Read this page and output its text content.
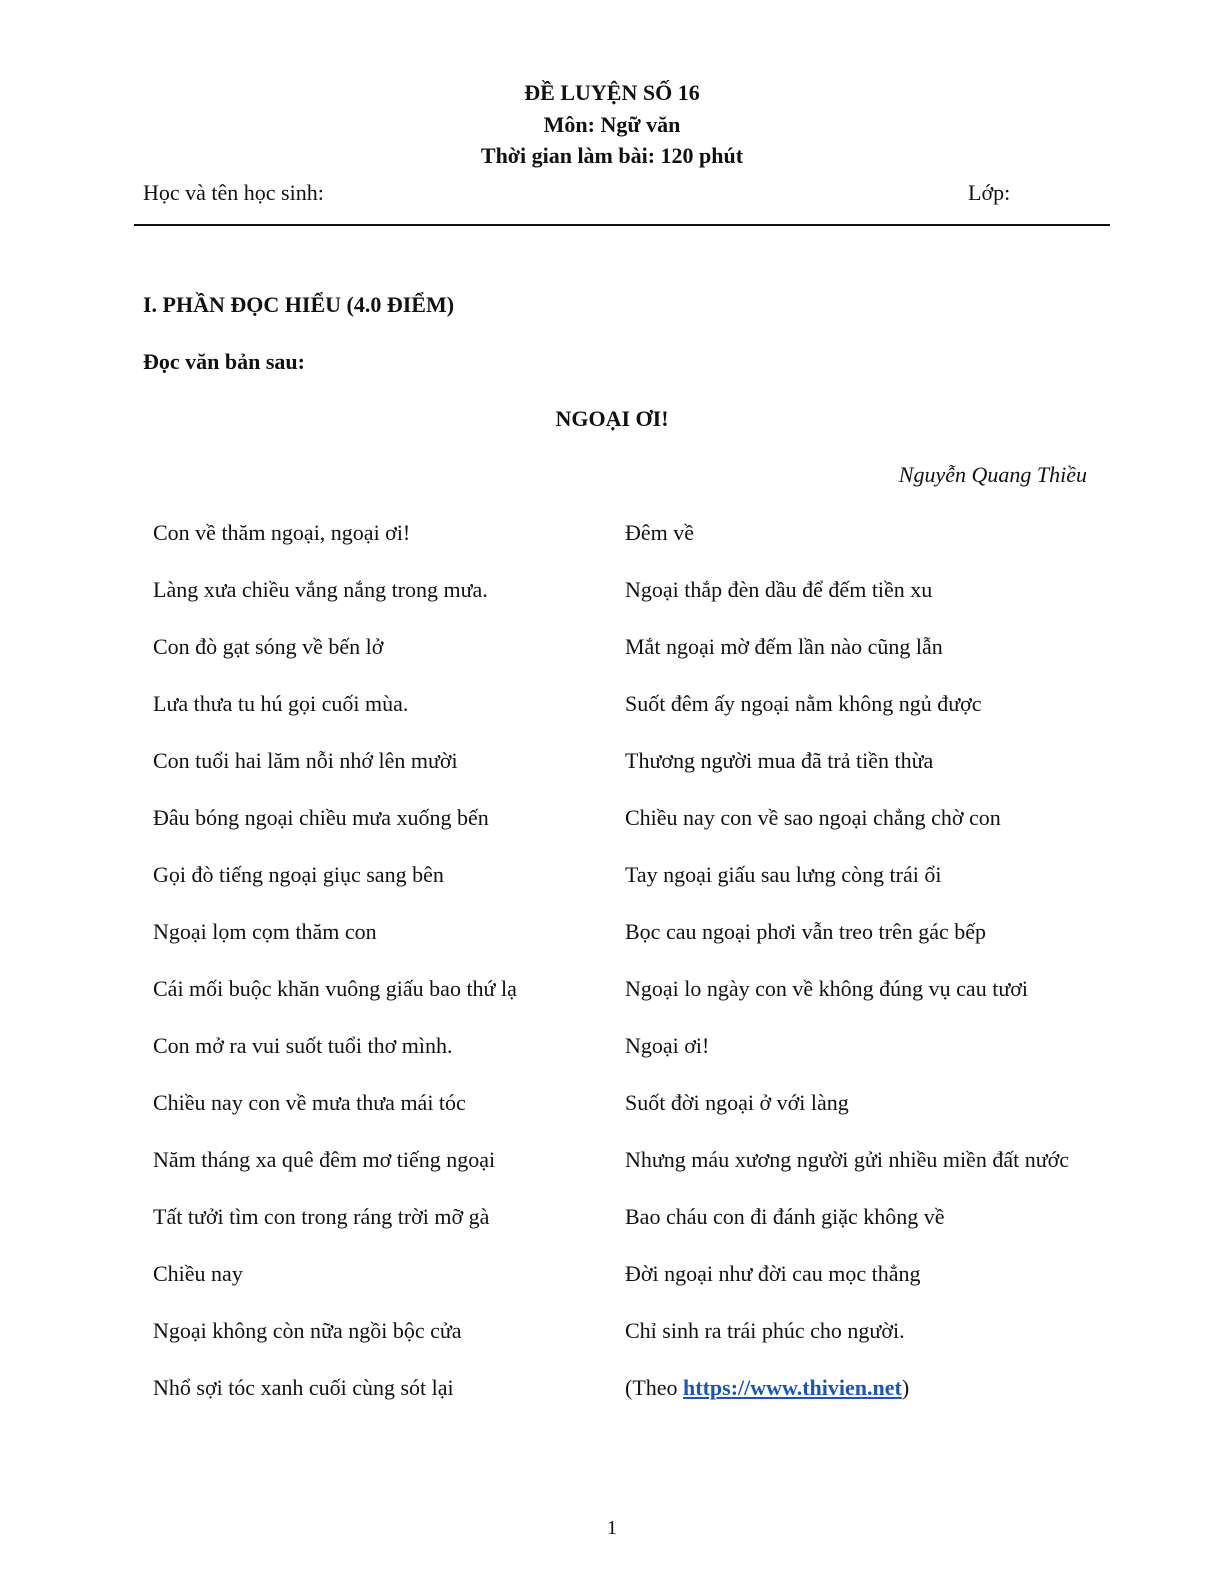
ĐỀ LUYỆN SỐ 16
Môn: Ngữ văn
Thời gian làm bài: 120 phút
Học và tên học sinh:	Lớp:
I. PHẦN ĐỌC HIỂU (4.0 ĐIỂM)
Đọc văn bản sau:
NGOẠI ƠI!
Nguyễn Quang Thiều

Con về thăm ngoại, ngoại ơi!

Làng xưa chiều vắng nắng trong mưa.

Con đò gạt sóng về bến lở

Lưa thưa tu hú gọi cuối mùa.

Con tuổi hai lăm nỗi nhớ lên mười

Đâu bóng ngoại chiều mưa xuống bến

Gọi đò tiếng ngoại giục sang bên

Ngoại lọm cọm thăm con

Cái mối buộc khăn vuông giấu bao thứ lạ

Con mở ra vui suốt tuổi thơ mình.

Chiều nay con về mưa thưa mái tóc

Năm tháng xa quê đêm mơ tiếng ngoại

Tất tưởi tìm con trong ráng trời mỡ gà

Chiều nay

Ngoại không còn nữa ngồi bộc cửa

Nhổ sợi tóc xanh cuối cùng sót lại

Đêm về

Ngoại thắp đèn dầu để đếm tiền xu

Mắt ngoại mờ đếm lần nào cũng lẫn

Suốt đêm ấy ngoại nằm không ngủ được

Thương người mua đã trả tiền thừa

Chiều nay con về sao ngoại chẳng chờ con

Tay ngoại giấu sau lưng còng trái ổi

Bọc cau ngoại phơi vẫn treo trên gác bếp

Ngoại lo ngày con về không đúng vụ cau tươi

Ngoại ơi!

Suốt đời ngoại ở với làng

Nhưng máu xương người gửi nhiều miền đất nước

Bao cháu con đi đánh giặc không về

Đời ngoại như đời cau mọc thẳng

Chỉ sinh ra trái phúc cho người.

(Theo https://www.thivien.net)

1
